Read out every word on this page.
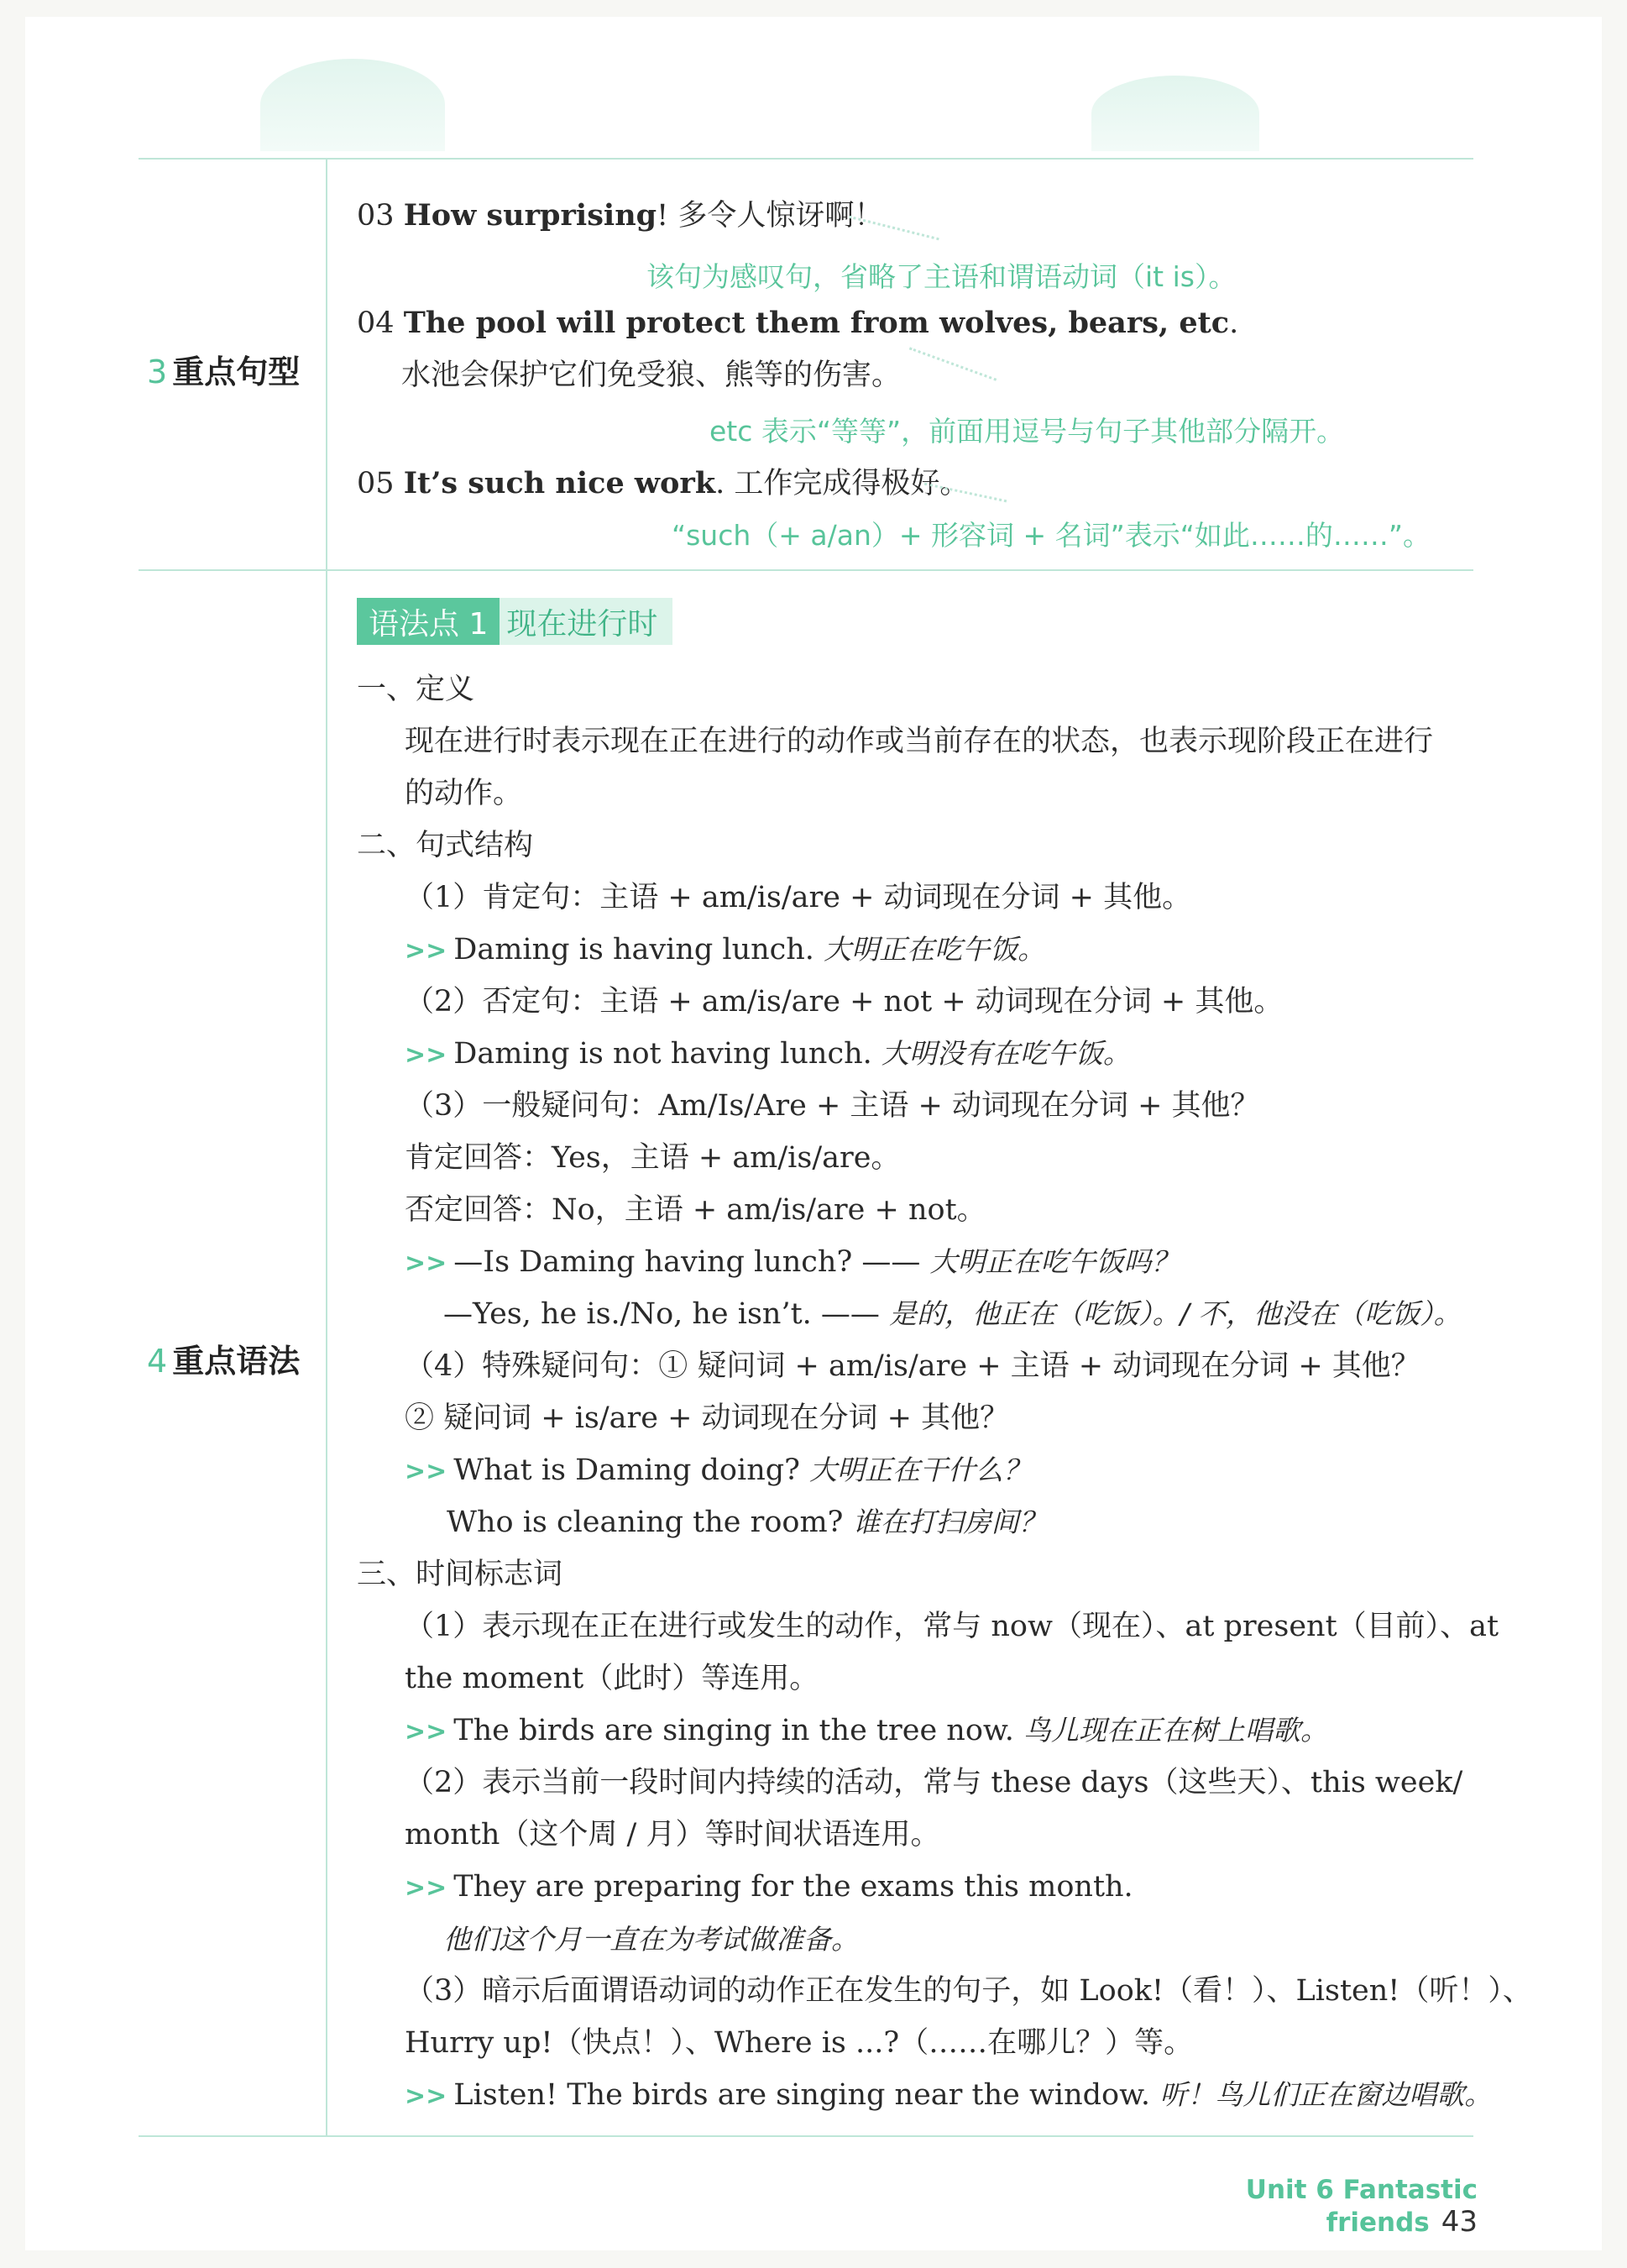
3 重点句型
03 How surprising! 多令人惊讶啊！
该句为感叹句，省略了主语和谓语动词（it is）。
04 The pool will protect them from wolves, bears, etc.
水池会保护它们免受狼、熊等的伤害。
etc 表示“等等”，前面用逗号与句子其他部分隔开。
05 It’s such nice work. 工作完成得极好。
“such（+ a/an）+ 形容词 + 名词”表示“如此……的……”。
4 重点语法
语法点 1 现在进行时
一、定义
现在进行时表示现在正在进行的动作或当前存在的状态，也表示现阶段正在进行
的动作。
二、句式结构
（1）肯定句：主语 + am/is/are + 动词现在分词 + 其他。
>> Daming is having lunch. 大明正在吃午饭。
（2）否定句：主语 + am/is/are + not + 动词现在分词 + 其他。
>> Daming is not having lunch. 大明没有在吃午饭。
（3）一般疑问句：Am/Is/Are + 主语 + 动词现在分词 + 其他？
肯定回答：Yes，主语 + am/is/are。
否定回答：No，主语 + am/is/are + not。
>> —Is Daming having lunch? —— 大明正在吃午饭吗？
—Yes, he is./No, he isn’t. —— 是的，他正在（吃饭）。/ 不，他没在（吃饭）。
（4）特殊疑问句：① 疑问词 + am/is/are + 主语 + 动词现在分词 + 其他？
② 疑问词 + is/are + 动词现在分词 + 其他？
>> What is Daming doing? 大明正在干什么？
Who is cleaning the room? 谁在打扫房间？
三、时间标志词
（1）表示现在正在进行或发生的动作，常与 now（现在）、at present（目前）、at
the moment（此时）等连用。
>> The birds are singing in the tree now. 鸟儿现在正在树上唱歌。
（2）表示当前一段时间内持续的活动，常与 these days（这些天）、this week/
month（这个周 / 月）等时间状语连用。
>> They are preparing for the exams this month.
他们这个月一直在为考试做准备。
（3）暗示后面谓语动词的动作正在发生的句子，如 Look!（看！）、Listen!（听！）、
Hurry up!（快点！）、Where is ...?（……在哪儿？）等。
>> Listen! The birds are singing near the window. 听！鸟儿们正在窗边唱歌。
Unit 6 Fantastic friends 43
